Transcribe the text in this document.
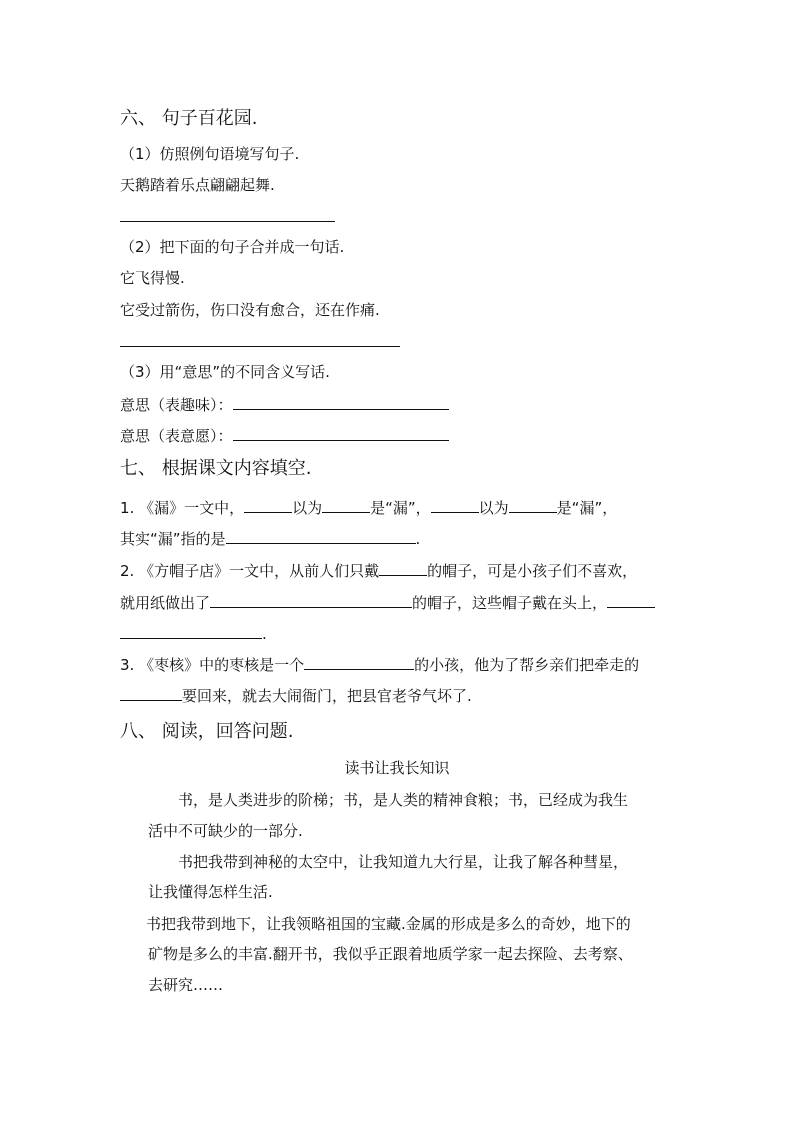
六、 句子百花园.
（1）仿照例句语境写句子.
天鹅踏着乐点翩翩起舞.
（2）把下面的句子合并成一句话.
它飞得慢.
它受过箭伤，伤口没有愈合，还在作痛.
（3）用“意思”的不同含义写话.
意思（表趣味）：
意思（表意愿）：
七、 根据课文内容填空.
1. 《漏》一文中，	以为	是“漏”，	以为	是“漏”，
其实“漏”指的是	.
2. 《方帽子店》一文中，从前人们只戴	的帽子，可是小孩子们不喜欢，
就用纸做出了	的帽子，这些帽子戴在头上，
.
3. 《枣核》中的枣核是一个	的小孩，他为了帮乡亲们把牵走的
要回来，就去大闹衙门，把县官老爷气坏了.
八、 阅读，回答问题.
读书让我长知识
书，是人类进步的阶梯；书，是人类的精神食粮；书，已经成为我生
活中不可缺少的一部分.
书把我带到神秘的太空中，让我知道九大行星，让我了解各种彗星，
让我懂得怎样生活.
书把我带到地下，让我领略祖国的宝藏.金属的形成是多么的奇妙，地下的
矿物是多么的丰富.翻开书，我似乎正跟着地质学家一起去探险、去考察、
去研究……
